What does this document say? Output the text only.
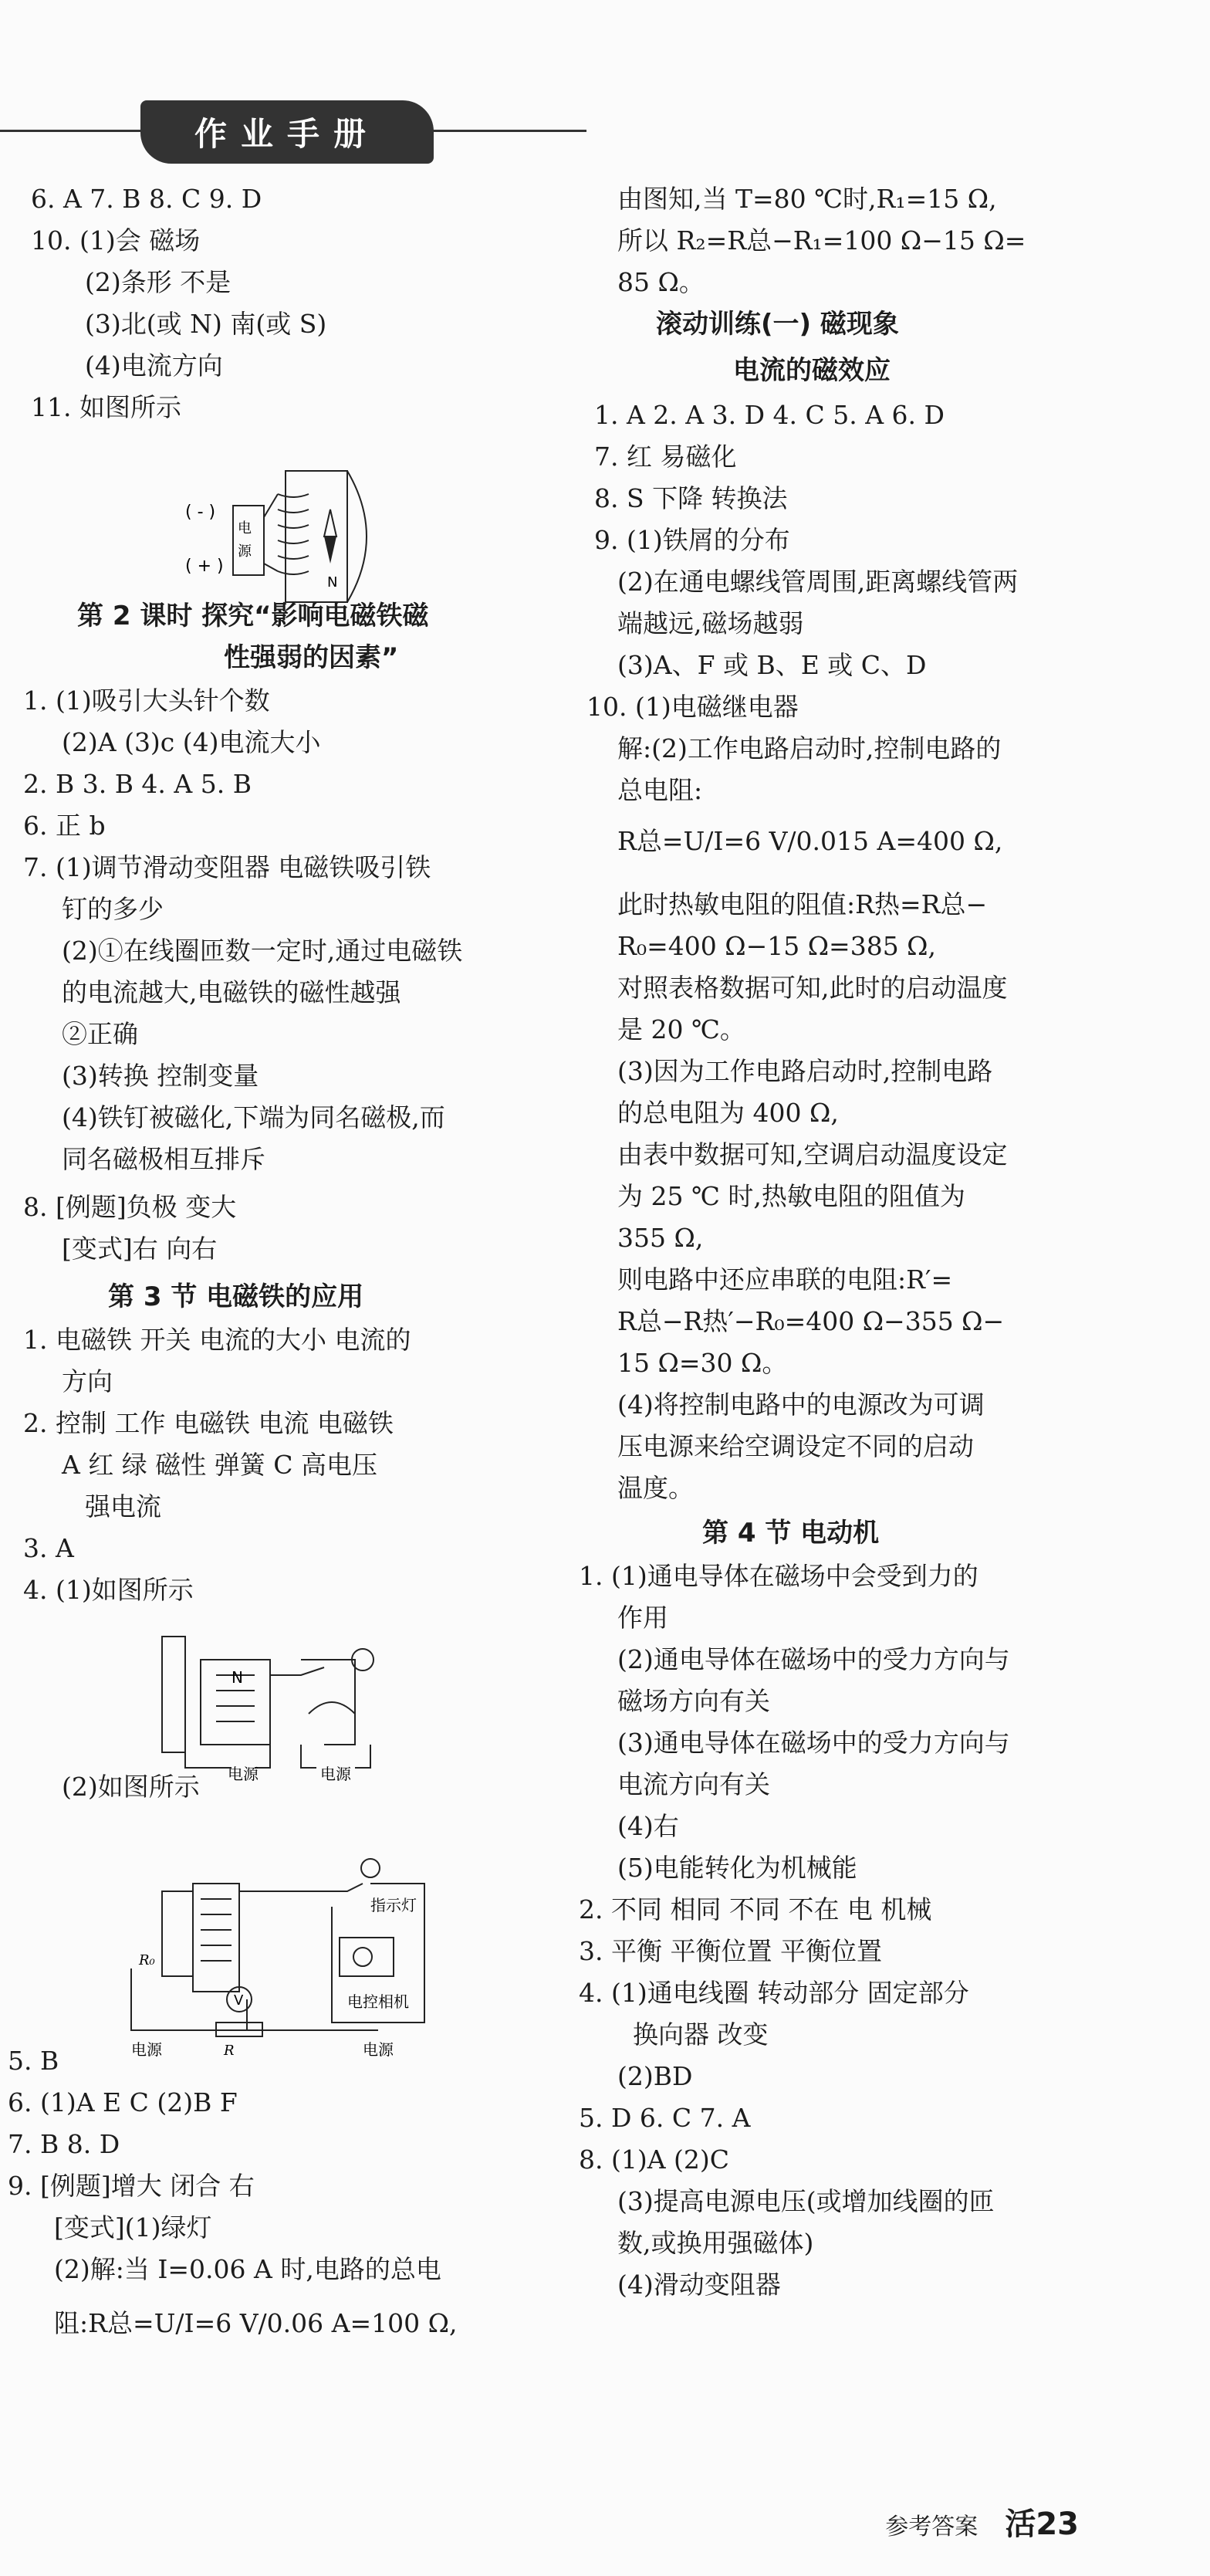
作业手册
6. A 7. B 8. C 9. D
10. (1)会 磁场
(2)条形 不是
(3)北(或 N) 南(或 S)
(4)电流方向
11. 如图所示
第 2 课时 探究“影响电磁铁磁
性强弱的因素”
1. (1)吸引大头针个数
(2)A (3)c (4)电流大小
2. B 3. B 4. A 5. B
6. 正 b
7. (1)调节滑动变阻器 电磁铁吸引铁
钉的多少
(2)①在线圈匝数一定时,通过电磁铁
的电流越大,电磁铁的磁性越强
②正确
(3)转换 控制变量
(4)铁钉被磁化,下端为同名磁极,而
同名磁极相互排斥
8. [例题]负极 变大
[变式]右 向右
第 3 节 电磁铁的应用
1. 电磁铁 开关 电流的大小 电流的
方向
2. 控制 工作 电磁铁 电流 电磁铁
A 红 绿 磁性 弹簧 C 高电压
强电流
3. A
4. (1)如图所示
(2)如图所示
5. B
6. (1)A E C (2)B F
7. B 8. D
9. [例题]增大 闭合 右
[变式](1)绿灯
(2)解:当 I=0.06 A 时,电路的总电
阻:R总=U/I=6 V/0.06 A=100 Ω,
由图知,当 T=80 ℃时,R₁=15 Ω,
所以 R₂=R总−R₁=100 Ω−15 Ω=
85 Ω。
滚动训练(一) 磁现象
电流的磁效应
1. A 2. A 3. D 4. C 5. A 6. D
7. 红 易磁化
8. S 下降 转换法
9. (1)铁屑的分布
(2)在通电螺线管周围,距离螺线管两
端越远,磁场越弱
(3)A、F 或 B、E 或 C、D
10. (1)电磁继电器
解:(2)工作电路启动时,控制电路的
总电阻:
R总=U/I=6 V/0.015 A=400 Ω,
此时热敏电阻的阻值:R热=R总−
R₀=400 Ω−15 Ω=385 Ω,
对照表格数据可知,此时的启动温度
是 20 ℃。
(3)因为工作电路启动时,控制电路
的总电阻为 400 Ω,
由表中数据可知,空调启动温度设定
为 25 ℃ 时,热敏电阻的阻值为
355 Ω,
则电路中还应串联的电阻:R′=
R总−R热′−R₀=400 Ω−355 Ω−
15 Ω=30 Ω。
(4)将控制电路中的电源改为可调
压电源来给空调设定不同的启动
温度。
第 4 节 电动机
1. (1)通电导体在磁场中会受到力的
作用
(2)通电导体在磁场中的受力方向与
磁场方向有关
(3)通电导体在磁场中的受力方向与
电流方向有关
(4)右
(5)电能转化为机械能
2. 不同 相同 不同 不在 电 机械
3. 平衡 平衡位置 平衡位置
4. (1)通电线圈 转动部分 固定部分
换向器 改变
(2)BD
5. D 6. C 7. A
8. (1)A (2)C
(3)提高电源电压(或增加线圈的匝
数,或换用强磁体)
(4)滑动变阻器
( - )
( + )
电
源
N
N
电源	电源
指示灯
电控相机
R₀
V
R
电源	电源
参考答案 活23
